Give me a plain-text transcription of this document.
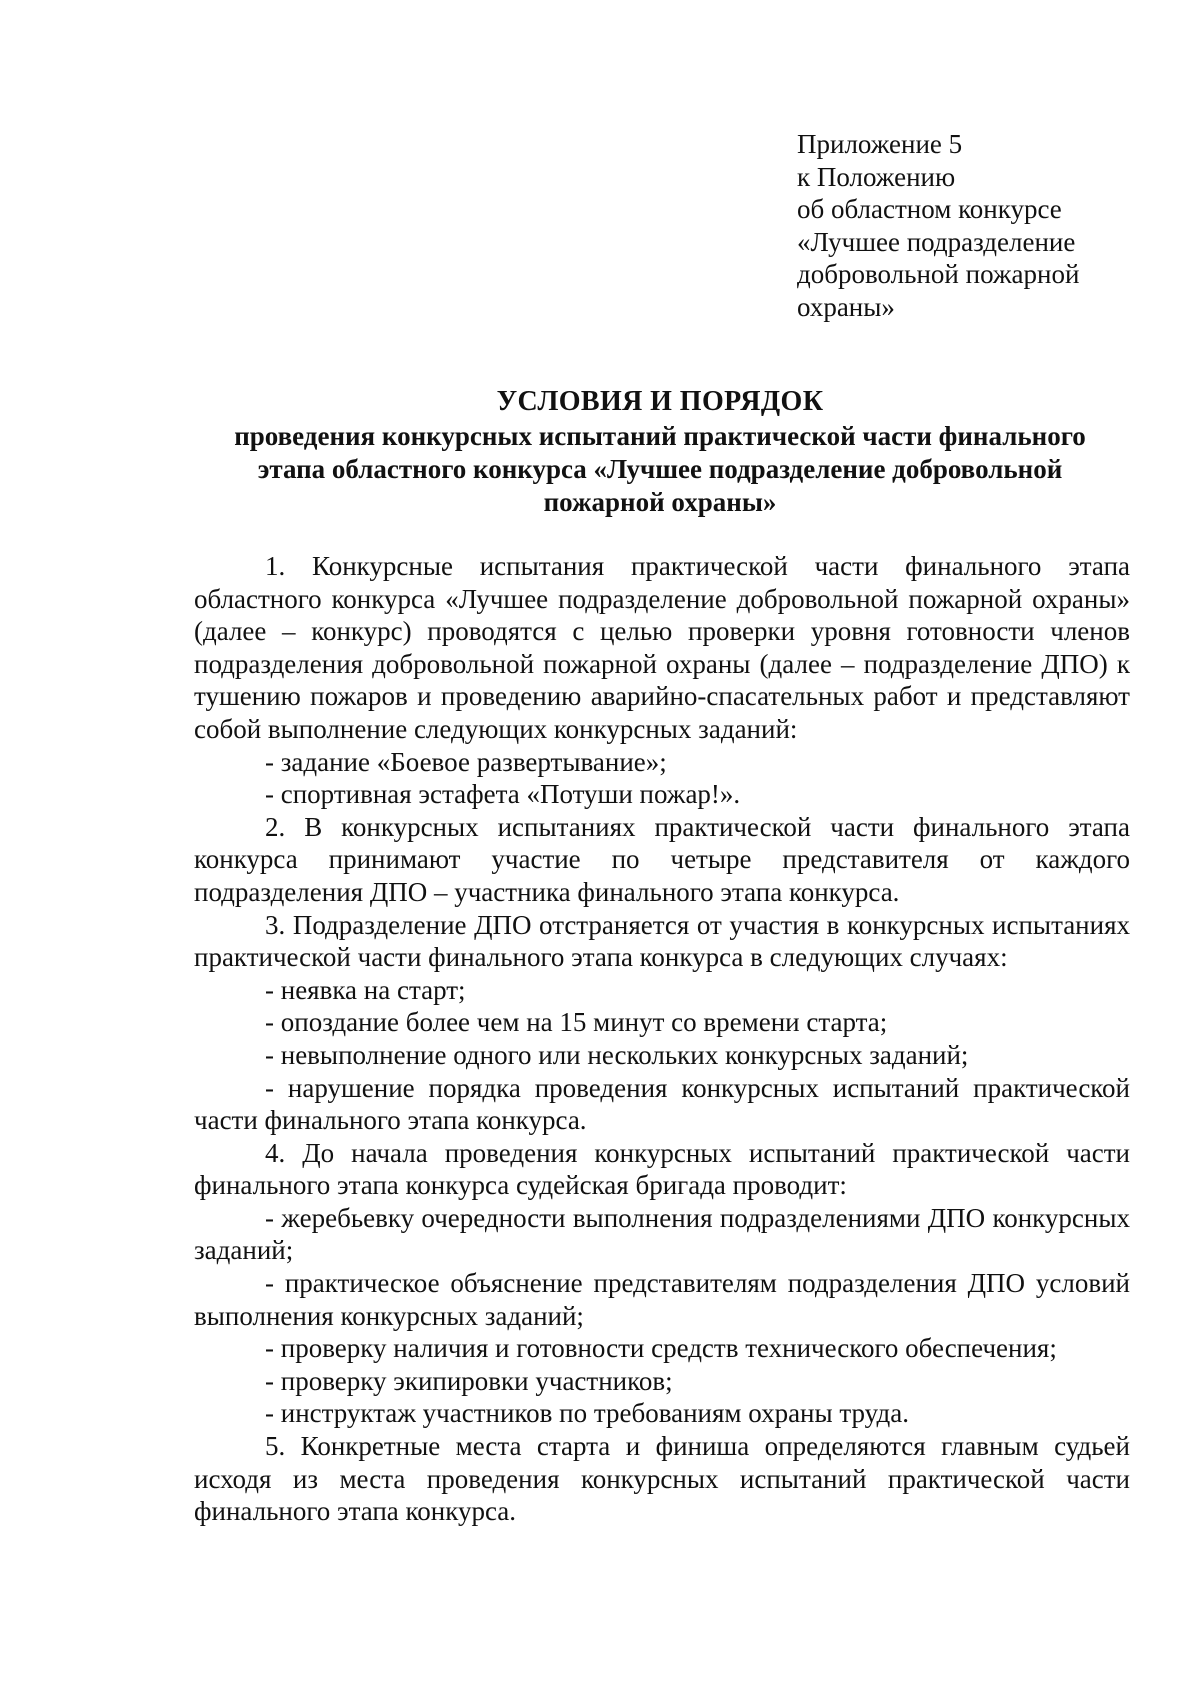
Приложение 5
к Положению
об областном конкурсе
«Лучшее подразделение
добровольной пожарной
охраны»
УСЛОВИЯ И ПОРЯДОК
проведения конкурсных испытаний практической части финального
этапа областного конкурса «Лучшее подразделение добровольной
пожарной охраны»

1. Конкурсные испытания практической части финального этапа областного конкурса «Лучшее подразделение добровольной пожарной охраны» (далее – конкурс) проводятся с целью проверки уровня готовности членов подразделения добровольной пожарной охраны (далее – подразделение ДПО) к тушению пожаров и проведению аварийно-спасательных работ и представляют собой выполнение следующих конкурсных заданий:

- задание «Боевое развертывание»;

- спортивная эстафета «Потуши пожар!».

2. В конкурсных испытаниях практической части финального этапа конкурса принимают участие по четыре представителя от каждого подразделения ДПО – участника финального этапа конкурса.

3. Подразделение ДПО отстраняется от участия в конкурсных испытаниях практической части финального этапа конкурса в следующих случаях:

- неявка на старт;

- опоздание более чем на 15 минут со времени старта;

- невыполнение одного или нескольких конкурсных заданий;

- нарушение порядка проведения конкурсных испытаний практической части финального этапа конкурса.

4. До начала проведения конкурсных испытаний практической части финального этапа конкурса судейская бригада проводит:

- жеребьевку очередности выполнения подразделениями ДПО конкурсных заданий;

- практическое объяснение представителям подразделения ДПО условий выполнения конкурсных заданий;

- проверку наличия и готовности средств технического обеспечения;

- проверку экипировки участников;

- инструктаж участников по требованиям охраны труда.

5. Конкретные места старта и финиша определяются главным судьей исходя из места проведения конкурсных испытаний практической части финального этапа конкурса.
